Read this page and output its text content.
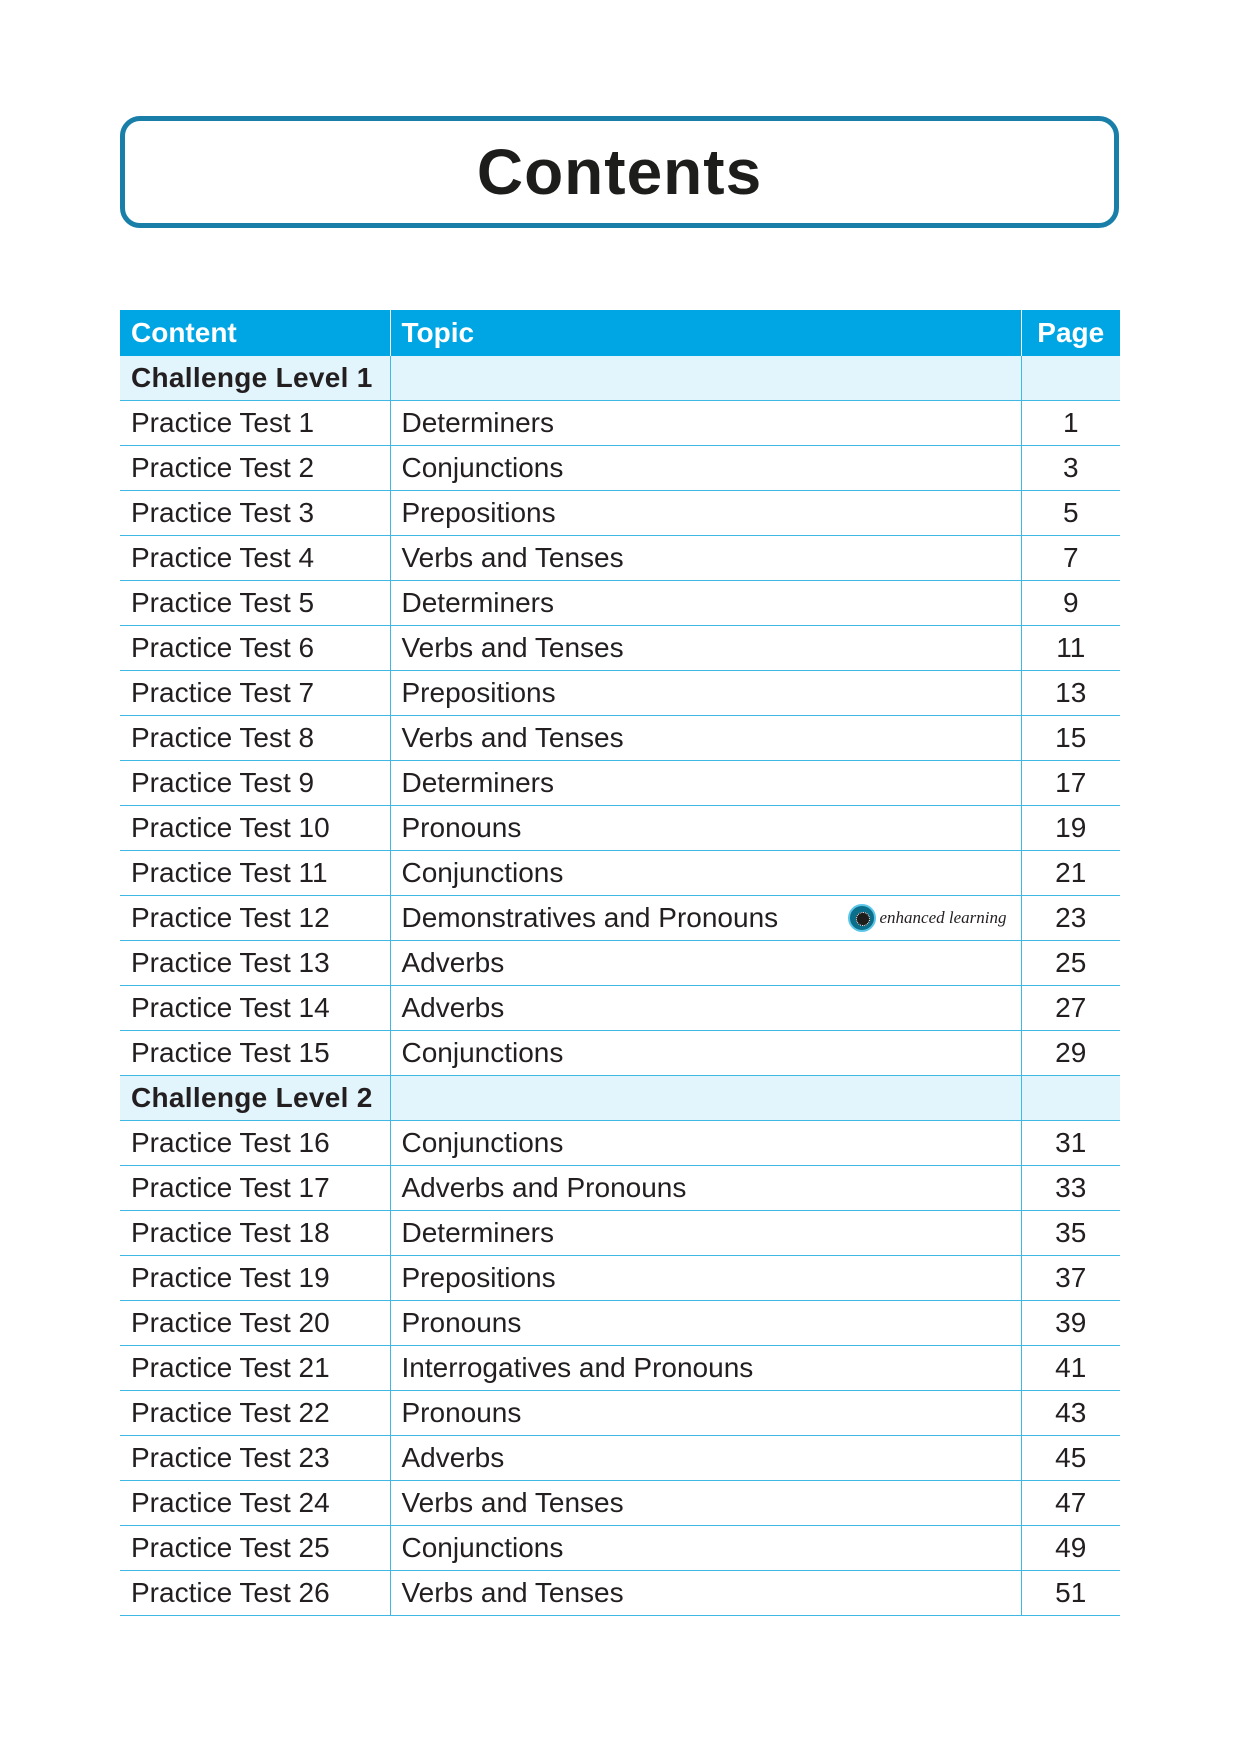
Contents
Content	Topic	Page
Challenge Level 1		
Practice Test 1	Determiners	1
Practice Test 2	Conjunctions	3
Practice Test 3	Prepositions	5
Practice Test 4	Verbs and Tenses	7
Practice Test 5	Determiners	9
Practice Test 6	Verbs and Tenses	11
Practice Test 7	Prepositions	13
Practice Test 8	Verbs and Tenses	15
Practice Test 9	Determiners	17
Practice Test 10	Pronouns	19
Practice Test 11	Conjunctions	21
Practice Test 12	Demonstratives and Pronouns enhanced learning	23
Practice Test 13	Adverbs	25
Practice Test 14	Adverbs	27
Practice Test 15	Conjunctions	29
Challenge Level 2		
Practice Test 16	Conjunctions	31
Practice Test 17	Adverbs and Pronouns	33
Practice Test 18	Determiners	35
Practice Test 19	Prepositions	37
Practice Test 20	Pronouns	39
Practice Test 21	Interrogatives and Pronouns	41
Practice Test 22	Pronouns	43
Practice Test 23	Adverbs	45
Practice Test 24	Verbs and Tenses	47
Practice Test 25	Conjunctions	49
Practice Test 26	Verbs and Tenses	51
